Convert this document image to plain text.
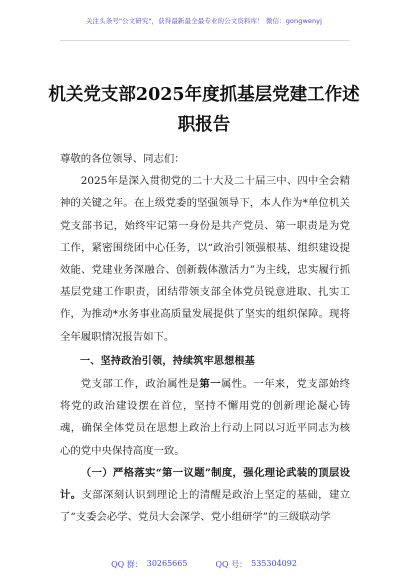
关注头条号"公文研究"，获得最新最全最专业的公文资料库！ 微信：gongwenyj
机关党支部2025年度抓基层党建工作述
职报告

尊敬的各位领导、同志们：

2025年是深入贯彻党的二十大及二十届三中、四中全会精神的关键之年。在上级党委的坚强领导下，本人作为*单位机关党支部书记，始终牢记第一身份是共产党员、第一职责是为党工作，紧密围绕团中心任务，以“政治引领强根基、组织建设提效能、党建业务深融合、创新载体激活力”为主线，忠实履行抓基层党建工作职责，团结带领支部全体党员锐意进取、扎实工作，为推动*水务事业高质量发展提供了坚实的组织保障。现将全年履职情况报告如下。

一、坚持政治引领，持续筑牢思想根基

党支部工作，政治属性是第一属性。一年来，党支部始终将党的政治建设摆在首位，坚持不懈用党的创新理论凝心铸魂，确保全体党员在思想上政治上行动上同以习近平同志为核心的党中央保持高度一致。

（一）严格落实“第一议题”制度，强化理论武装的顶层设计。支部深刻认识到理论上的清醒是政治上坚定的基础，建立了“支委会必学、党员大会深学、党小组研学”的三级联动学

QQ 群： 30265665	QQ 号： 535304092
